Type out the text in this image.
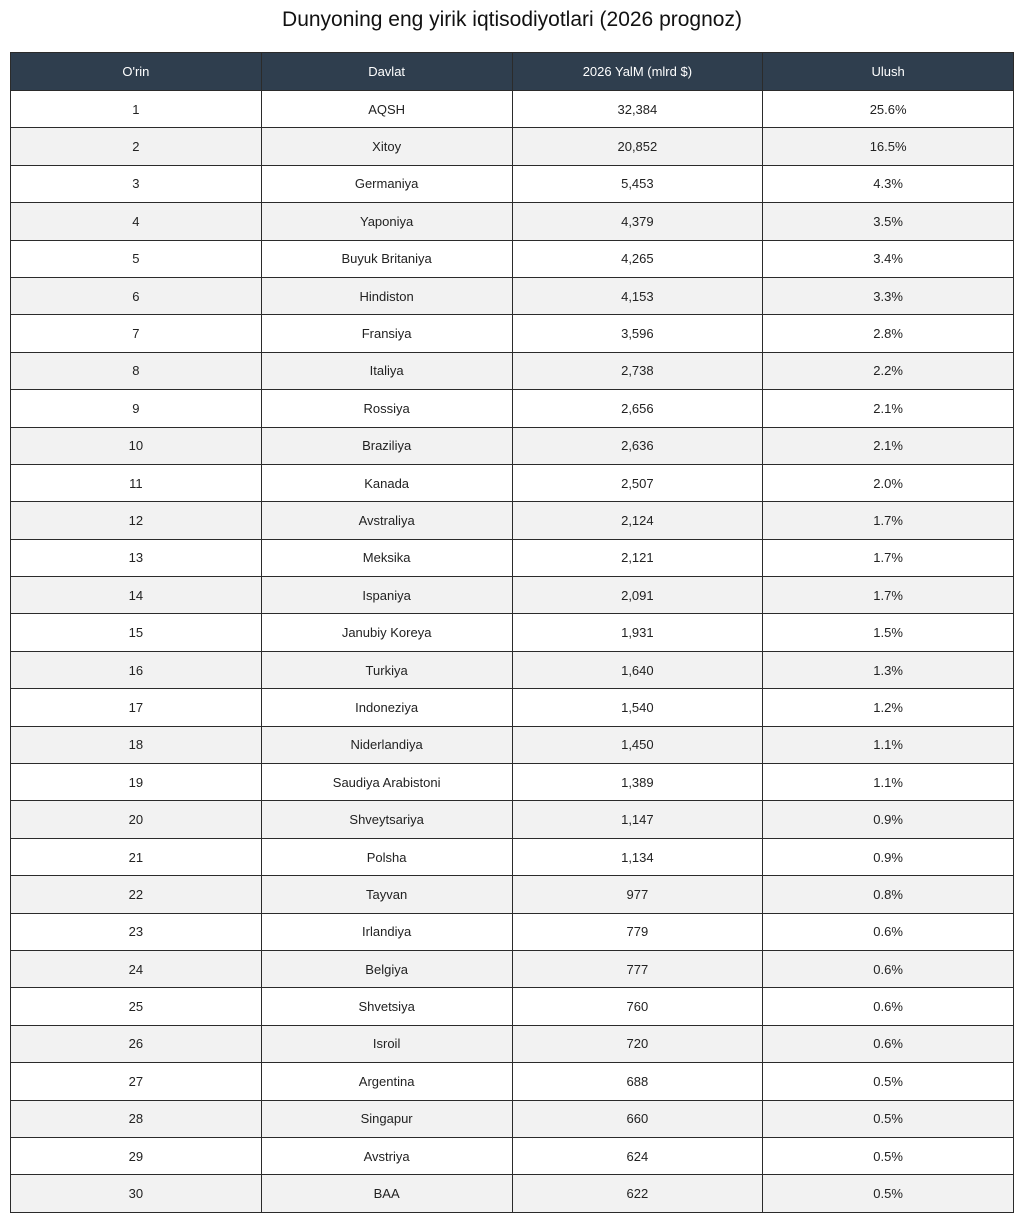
Dunyoning eng yirik iqtisodiyotlari (2026 prognoz)
O'rin	Davlat	2026 YalM (mlrd $)	Ulush
1	AQSH	32,384	25.6%
2	Xitoy	20,852	16.5%
3	Germaniya	5,453	4.3%
4	Yaponiya	4,379	3.5%
5	Buyuk Britaniya	4,265	3.4%
6	Hindiston	4,153	3.3%
7	Fransiya	3,596	2.8%
8	Italiya	2,738	2.2%
9	Rossiya	2,656	2.1%
10	Braziliya	2,636	2.1%
11	Kanada	2,507	2.0%
12	Avstraliya	2,124	1.7%
13	Meksika	2,121	1.7%
14	Ispaniya	2,091	1.7%
15	Janubiy Koreya	1,931	1.5%
16	Turkiya	1,640	1.3%
17	Indoneziya	1,540	1.2%
18	Niderlandiya	1,450	1.1%
19	Saudiya Arabistoni	1,389	1.1%
20	Shveytsariya	1,147	0.9%
21	Polsha	1,134	0.9%
22	Tayvan	977	0.8%
23	Irlandiya	779	0.6%
24	Belgiya	777	0.6%
25	Shvetsiya	760	0.6%
26	Isroil	720	0.6%
27	Argentina	688	0.5%
28	Singapur	660	0.5%
29	Avstriya	624	0.5%
30	BAA	622	0.5%
